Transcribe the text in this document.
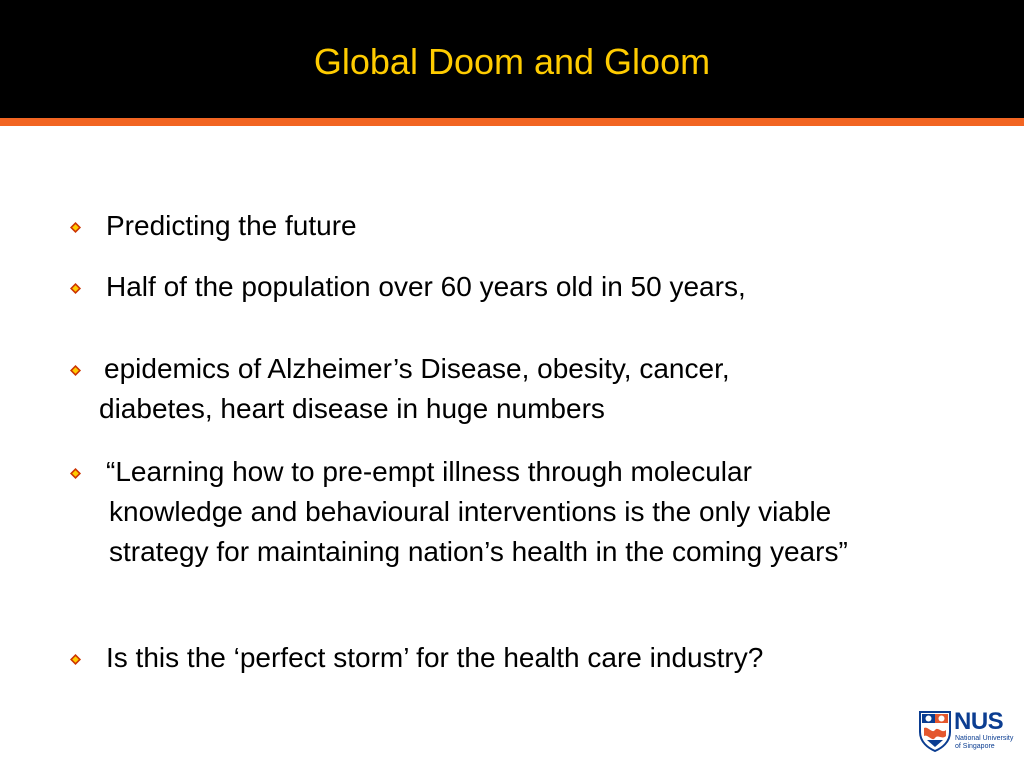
Global Doom and Gloom
Predicting the future
Half of the population over 60 years old in 50 years,
epidemics of Alzheimer’s Disease, obesity, cancer,
diabetes, heart disease in huge numbers
“Learning how to pre-empt illness through molecular
knowledge and behavioural interventions is the only viable strategy for maintaining nation’s health in the coming years”
Is this the ‘perfect storm’ for the health care industry?
NUS
National University
of Singapore
